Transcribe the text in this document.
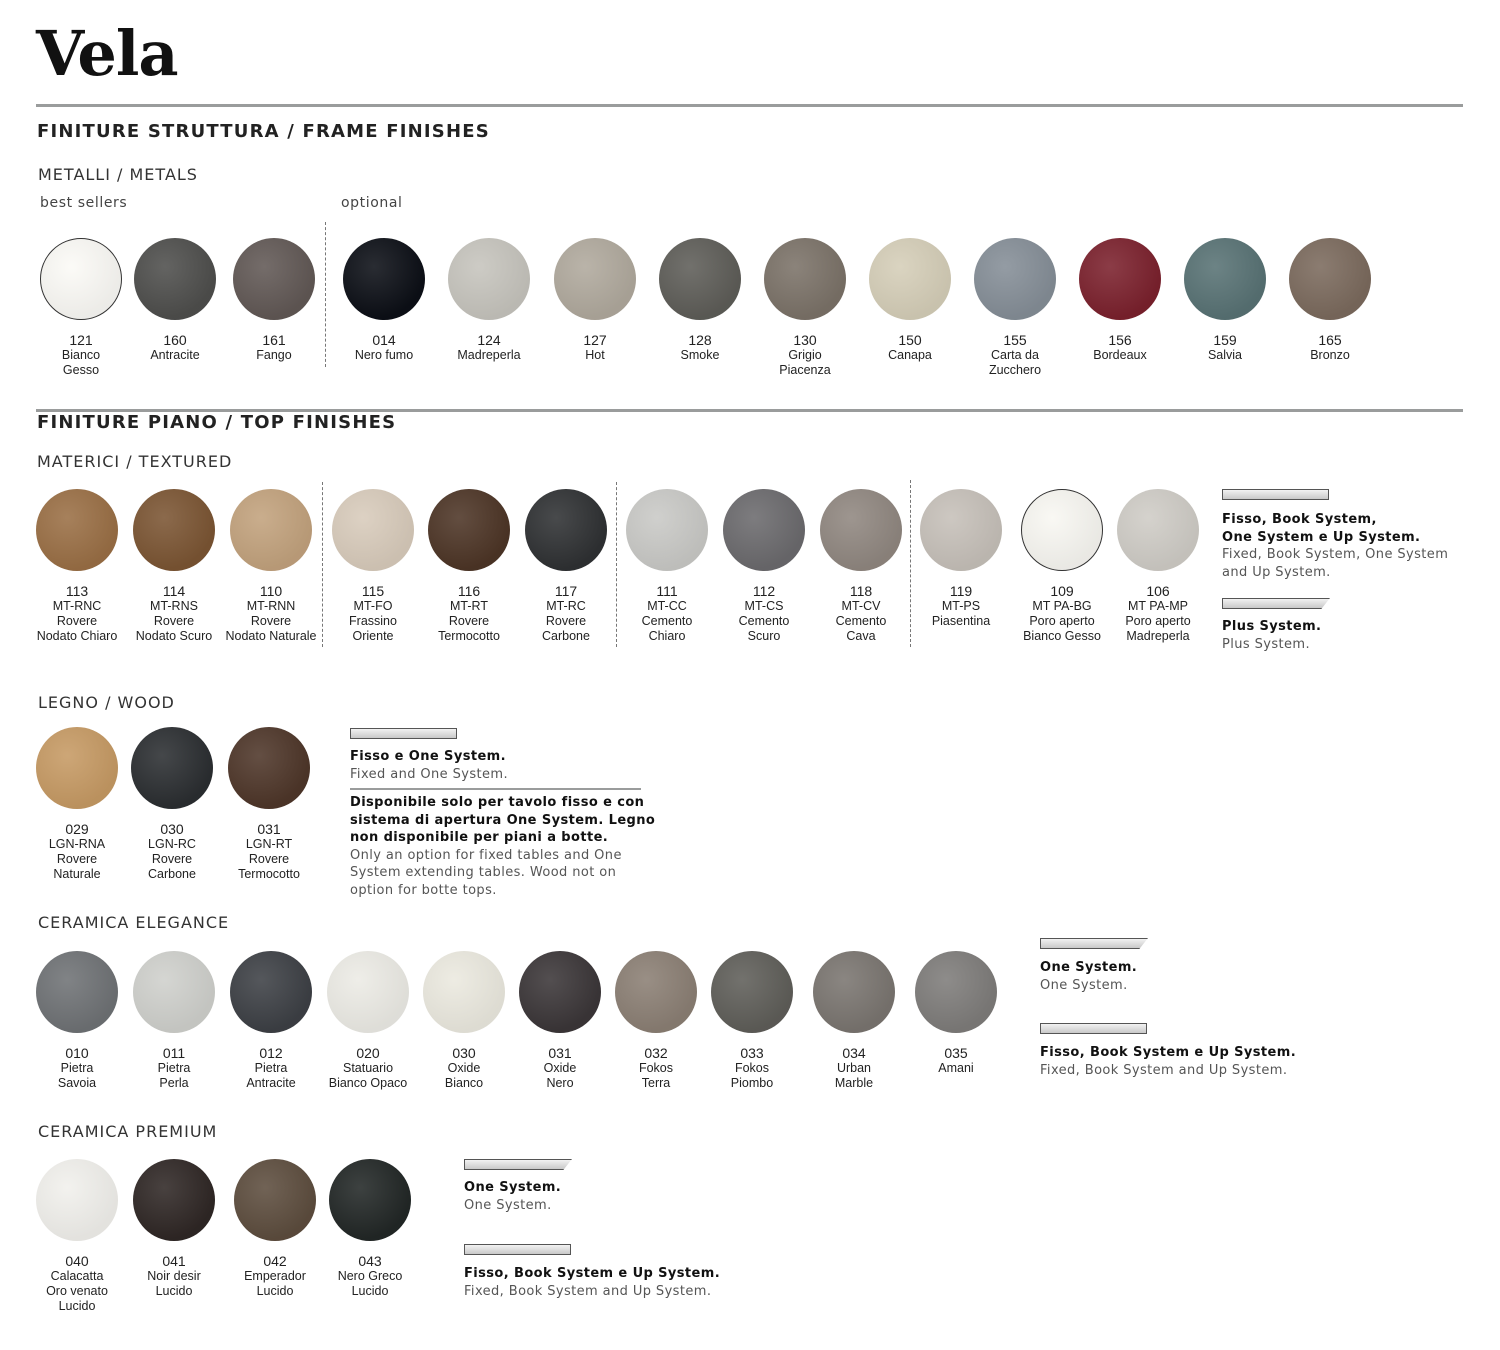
Vela
FINITURE STRUTTURA / FRAME FINISHES
METALLI / METALS
best sellers	optional
FINITURE PIANO / TOP FINISHES
MATERICI / TEXTURED
Fisso, Book System,
One System e Up System.
Fixed, Book System, One System
and Up System.
Plus System.
Plus System.
LEGNO / WOOD
Fisso e One System.
Fixed and One System.
Disponibile solo per tavolo fisso e con
sistema di apertura One System. Legno
non disponibile per piani a botte.
Only an option for fixed tables and One
System extending tables. Wood not on
option for botte tops.
CERAMICA ELEGANCE
One System.
One System.
Fisso, Book System e Up System.
Fixed, Book System and Up System.
CERAMICA PREMIUM
One System.
One System.
Fisso, Book System e Up System.
Fixed, Book System and Up System.
121
Bianco
Gesso
160
Antracite
161
Fango
014
Nero fumo
124
Madreperla
127
Hot
128
Smoke
130
Grigio
Piacenza
150
Canapa
155
Carta da
Zucchero
156
Bordeaux
159
Salvia
165
Bronzo
113
MT-RNC
Rovere
Nodato Chiaro
114
MT-RNS
Rovere
Nodato Scuro
110
MT-RNN
Rovere
Nodato Naturale
115
MT-FO
Frassino
Oriente
116
MT-RT
Rovere
Termocotto
117
MT-RC
Rovere
Carbone
111
MT-CC
Cemento
Chiaro
112
MT-CS
Cemento
Scuro
118
MT-CV
Cemento
Cava
119
MT-PS
Piasentina
109
MT PA-BG
Poro aperto
Bianco Gesso
106
MT PA-MP
Poro aperto
Madreperla
029
LGN-RNA
Rovere
Naturale
030
LGN-RC
Rovere
Carbone
031
LGN-RT
Rovere
Termocotto
010
Pietra
Savoia
011
Pietra
Perla
012
Pietra
Antracite
020
Statuario
Bianco Opaco
030
Oxide
Bianco
031
Oxide
Nero
032
Fokos
Terra
033
Fokos
Piombo
034
Urban
Marble
035
Amani
040
Calacatta
Oro venato
Lucido
041
Noir desir
Lucido
042
Emperador
Lucido
043
Nero Greco
Lucido
